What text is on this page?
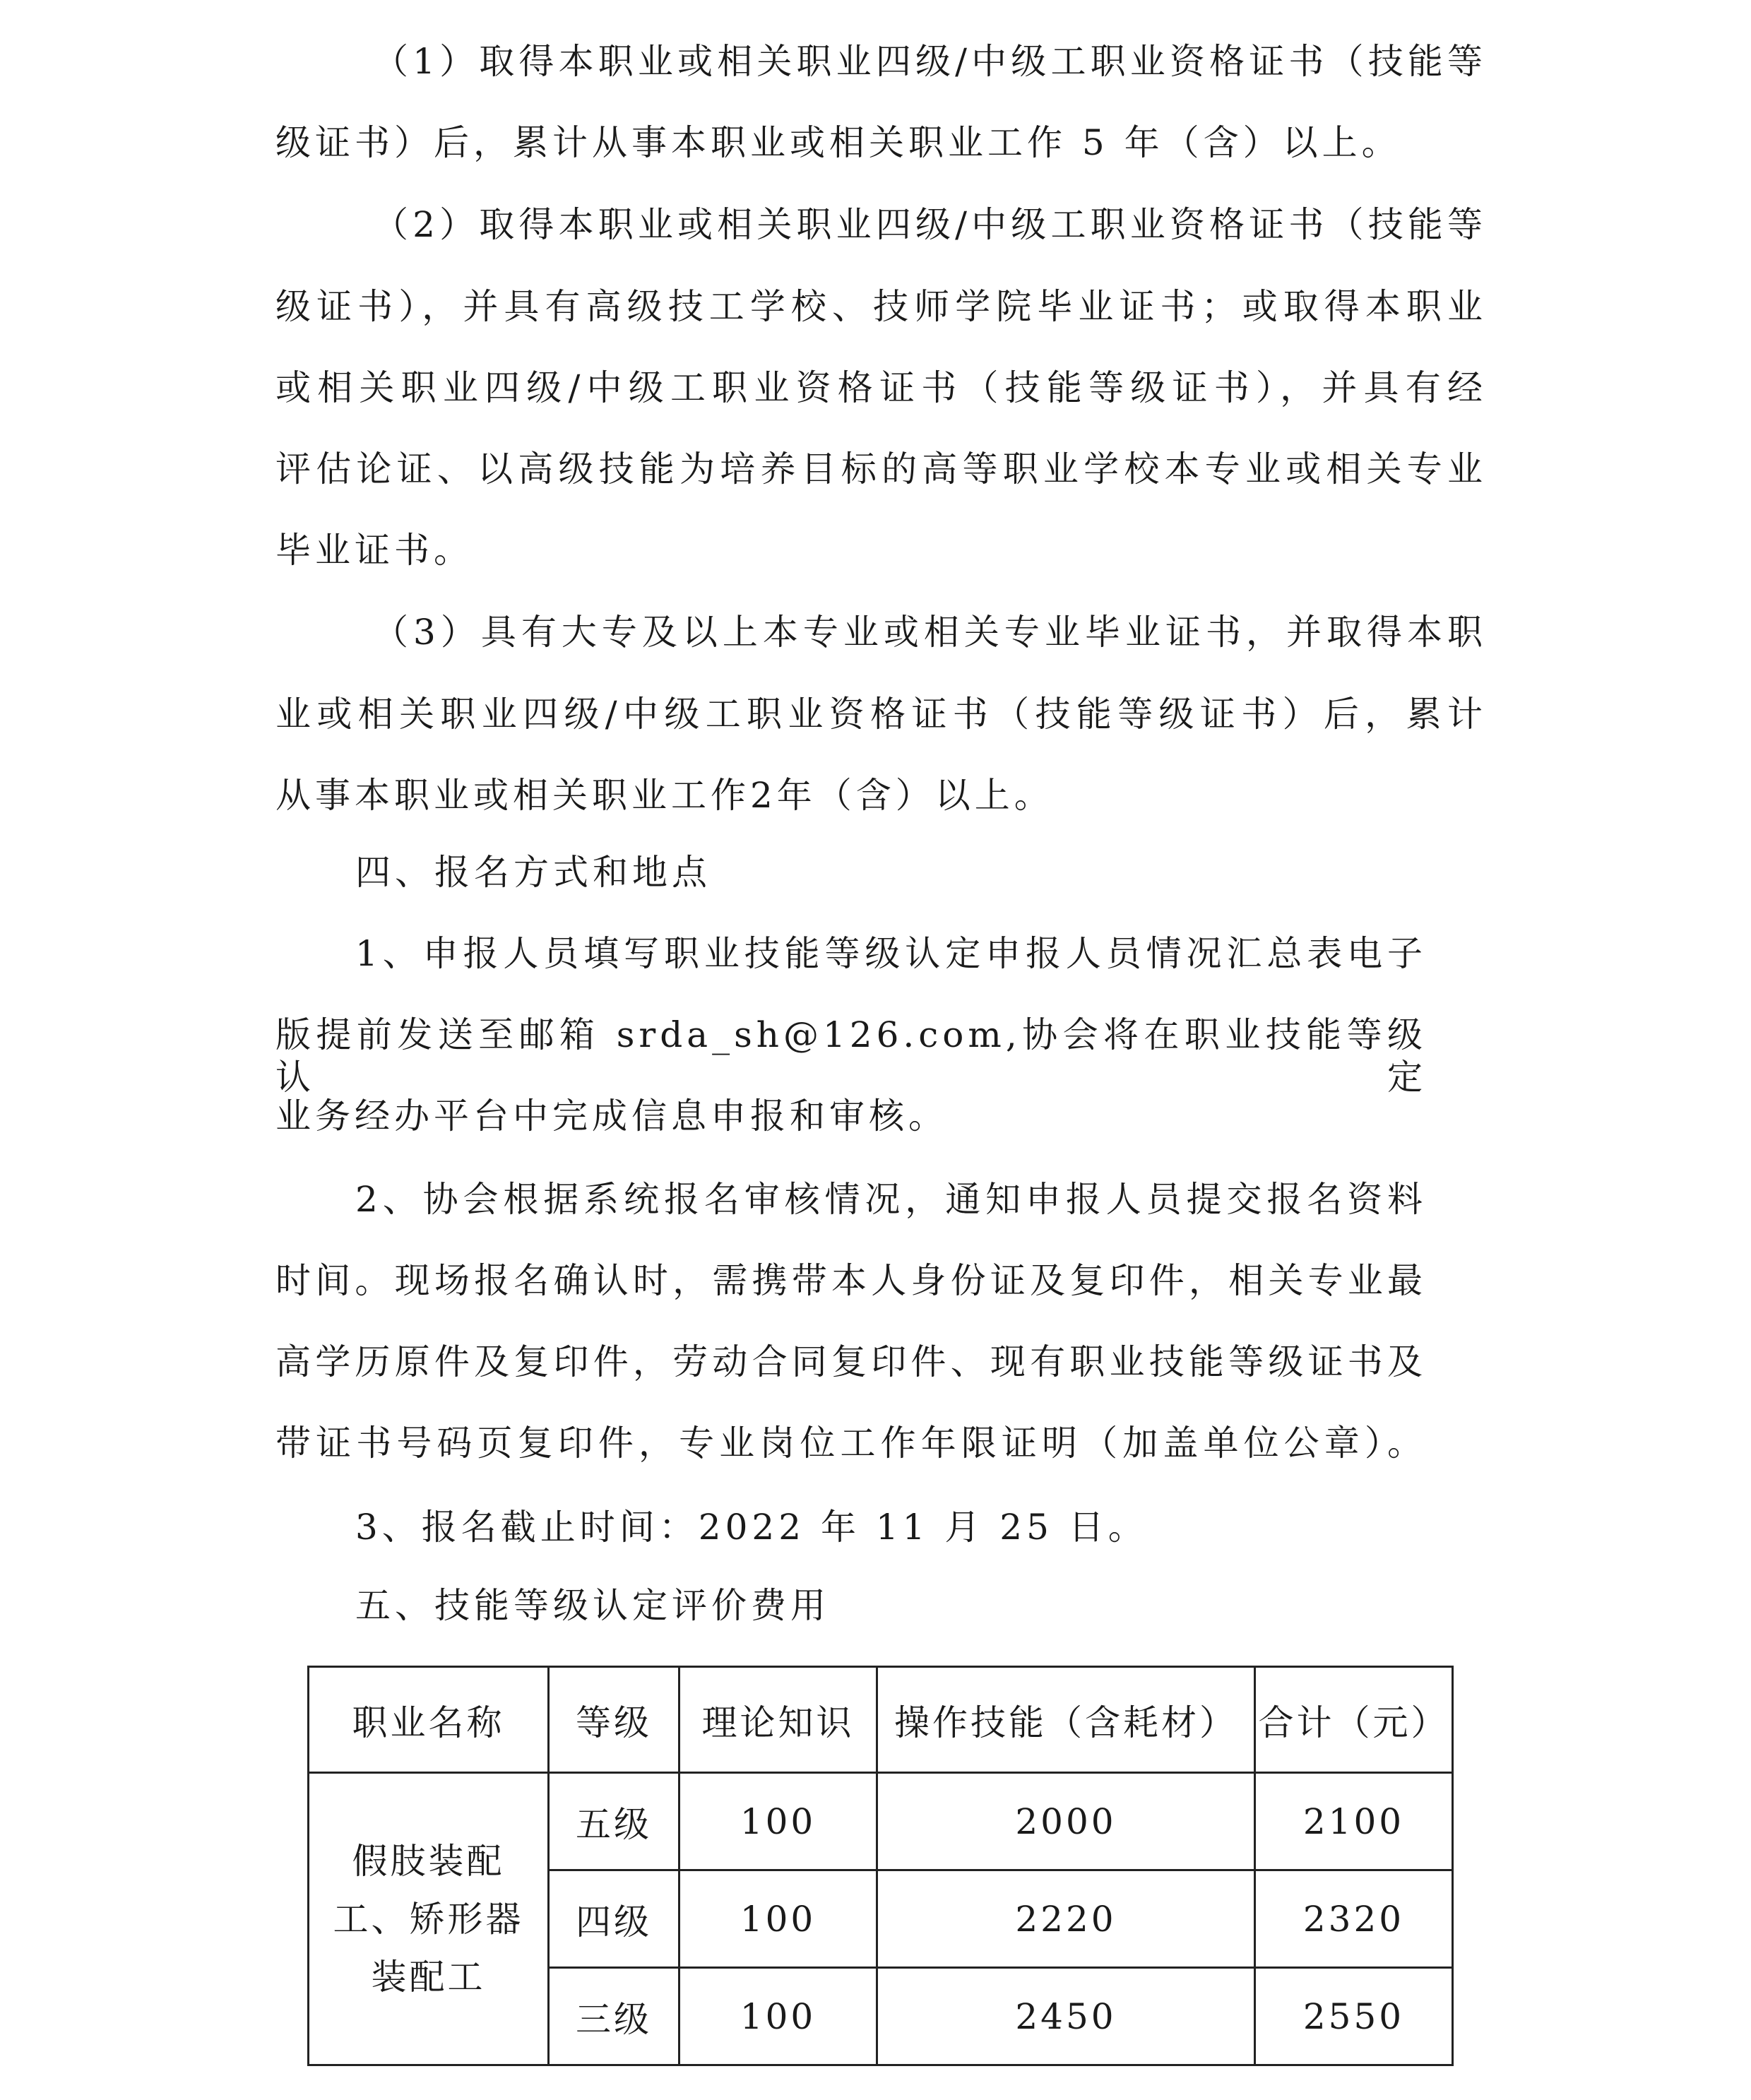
（1）取得本职业或相关职业四级/中级工职业资格证书（技能等
级证书）后，累计从事本职业或相关职业工作 5 年（含）以上。
（2）取得本职业或相关职业四级/中级工职业资格证书（技能等
级证书），并具有高级技工学校、技师学院毕业证书；或取得本职业
或相关职业四级/中级工职业资格证书（技能等级证书），并具有经
评估论证、以高级技能为培养目标的高等职业学校本专业或相关专业
毕业证书。
（3）具有大专及以上本专业或相关专业毕业证书，并取得本职
业或相关职业四级/中级工职业资格证书（技能等级证书）后，累计
从事本职业或相关职业工作2年（含）以上。
四、报名方式和地点
1、申报人员填写职业技能等级认定申报人员情况汇总表电子
版提前发送至邮箱 srda_sh@126.com,协会将在职业技能等级认定
业务经办平台中完成信息申报和审核。
2、协会根据系统报名审核情况，通知申报人员提交报名资料
时间。现场报名确认时，需携带本人身份证及复印件，相关专业最
高学历原件及复印件，劳动合同复印件、现有职业技能等级证书及
带证书号码页复印件，专业岗位工作年限证明（加盖单位公章）。
3、报名截止时间：2022 年 11 月 25 日。
五、技能等级认定评价费用
职业名称	等级	理论知识	操作技能（含耗材）	合计（元）

假肢装配
工、矫形器
装配工	五级	100	2000	2100
	四级	100	2220	2320
	三级	100	2450	2550
